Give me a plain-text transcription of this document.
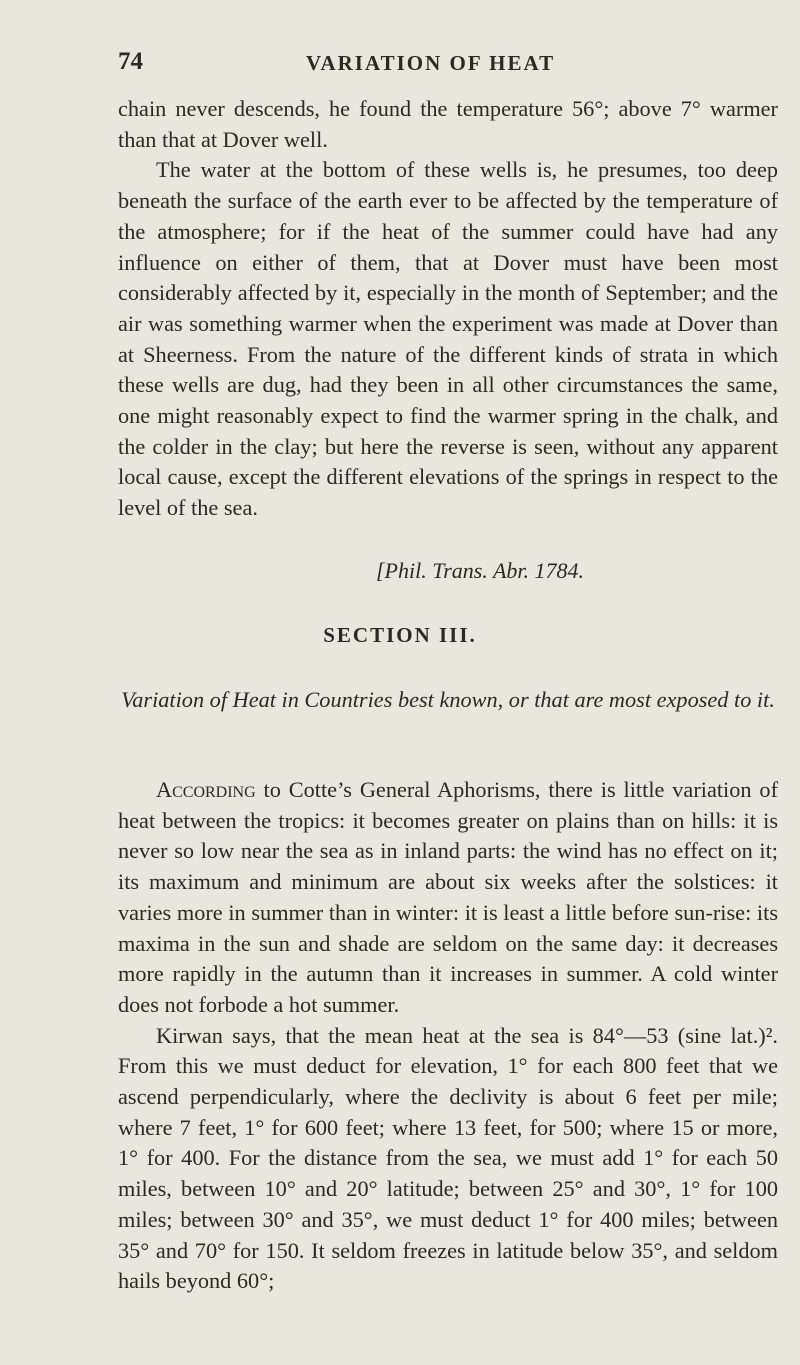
74	VARIATION OF HEAT

chain never descends, he found the temperature 56°; above 7° warmer than that at Dover well.

The water at the bottom of these wells is, he presumes, too deep beneath the surface of the earth ever to be affected by the temperature of the atmosphere; for if the heat of the summer could have had any influence on either of them, that at Dover must have been most considerably affected by it, especially in the month of September; and the air was something warmer when the experiment was made at Dover than at Sheerness. From the nature of the different kinds of strata in which these wells are dug, had they been in all other circumstances the same, one might reasonably expect to find the warmer spring in the chalk, and the colder in the clay; but here the reverse is seen, without any apparent local cause, except the different elevations of the springs in respect to the level of the sea.

[Phil. Trans. Abr. 1784.
SECTION III.
Variation of Heat in Countries best known, or that are most exposed to it.

According to Cotte’s General Aphorisms, there is little variation of heat between the tropics: it becomes greater on plains than on hills: it is never so low near the sea as in inland parts: the wind has no effect on it; its maximum and minimum are about six weeks after the solstices: it varies more in summer than in winter: it is least a little before sun-rise: its maxima in the sun and shade are seldom on the same day: it decreases more rapidly in the autumn than it increases in summer. A cold winter does not forbode a hot summer.

Kirwan says, that the mean heat at the sea is 84°—53 (sine lat.)². From this we must deduct for elevation, 1° for each 800 feet that we ascend perpendicularly, where the declivity is about 6 feet per mile; where 7 feet, 1° for 600 feet; where 13 feet, for 500; where 15 or more, 1° for 400. For the distance from the sea, we must add 1° for each 50 miles, between 10° and 20° latitude; between 25° and 30°, 1° for 100 miles; between 30° and 35°, we must deduct 1° for 400 miles; between 35° and 70° for 150. It seldom freezes in latitude below 35°, and seldom hails beyond 60°;
